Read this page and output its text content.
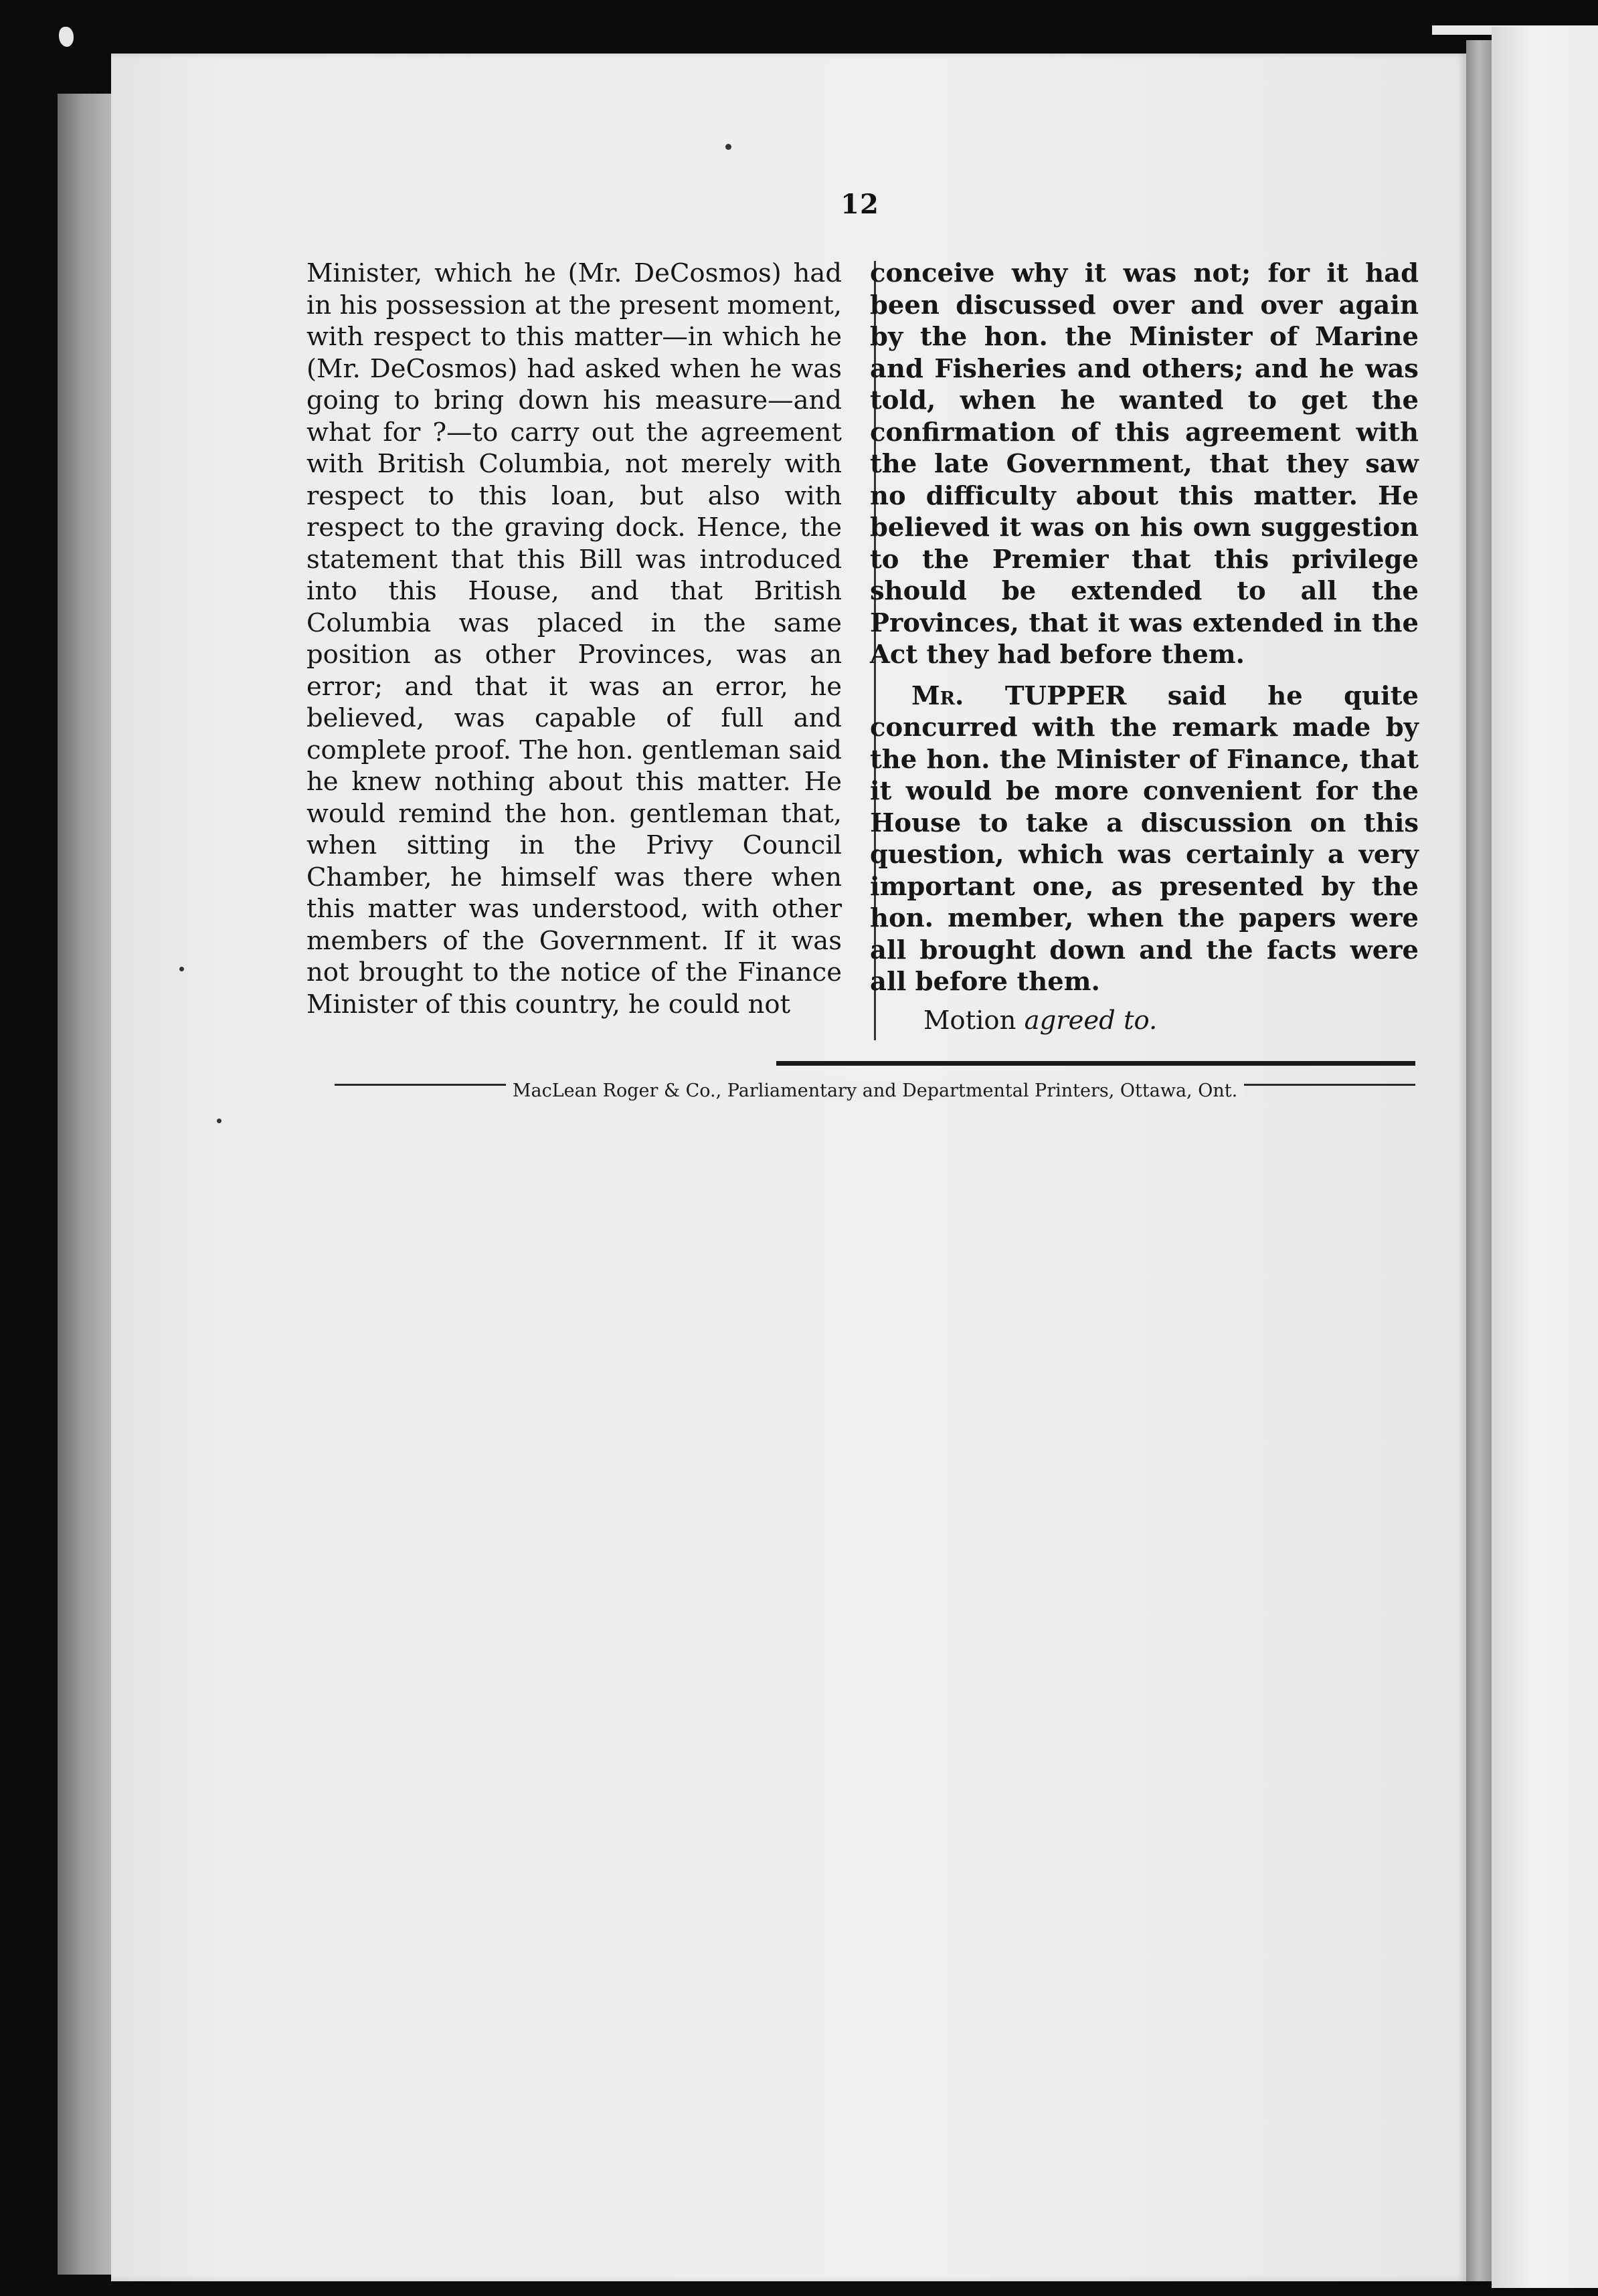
12

Minister, which he (Mr. DeCosmos) had in his possession at the present moment, with respect to this matter—in which he (Mr. DeCosmos) had asked when he was going to bring down his measure—and what for ?—to carry out the agreement with British Columbia, not merely with respect to this loan, but also with respect to the graving dock. Hence, the statement that this Bill was introduced into this House, and that British Columbia was placed in the same position as other Provinces, was an error; and that it was an error, he believed, was capable of full and complete proof. The hon. gentleman said he knew nothing about this matter. He would remind the hon. gentleman that, when sitting in the Privy Council Chamber, he himself was there when this matter was understood, with other members of the Government. If it was not brought to the notice of the Finance Minister of this country, he could not

conceive why it was not; for it had been discussed over and over again by the hon. the Minister of Marine and Fisheries and others; and he was told, when he wanted to get the confirmation of this agreement with the late Government, that they saw no difficulty about this matter. He believed it was on his own suggestion to the Premier that this privilege should be extended to all the Provinces, that it was extended in the Act they had before them.

Mr. TUPPER said he quite concurred with the remark made by the hon. the Minister of Finance, that it would be more convenient for the House to take a discussion on this question, which was certainly a very important one, as presented by the hon. member, when the papers were all brought down and the facts were all before them.

Motion agreed to.

MacLean Roger & Co., Parliamentary and Departmental Printers, Ottawa, Ont.
